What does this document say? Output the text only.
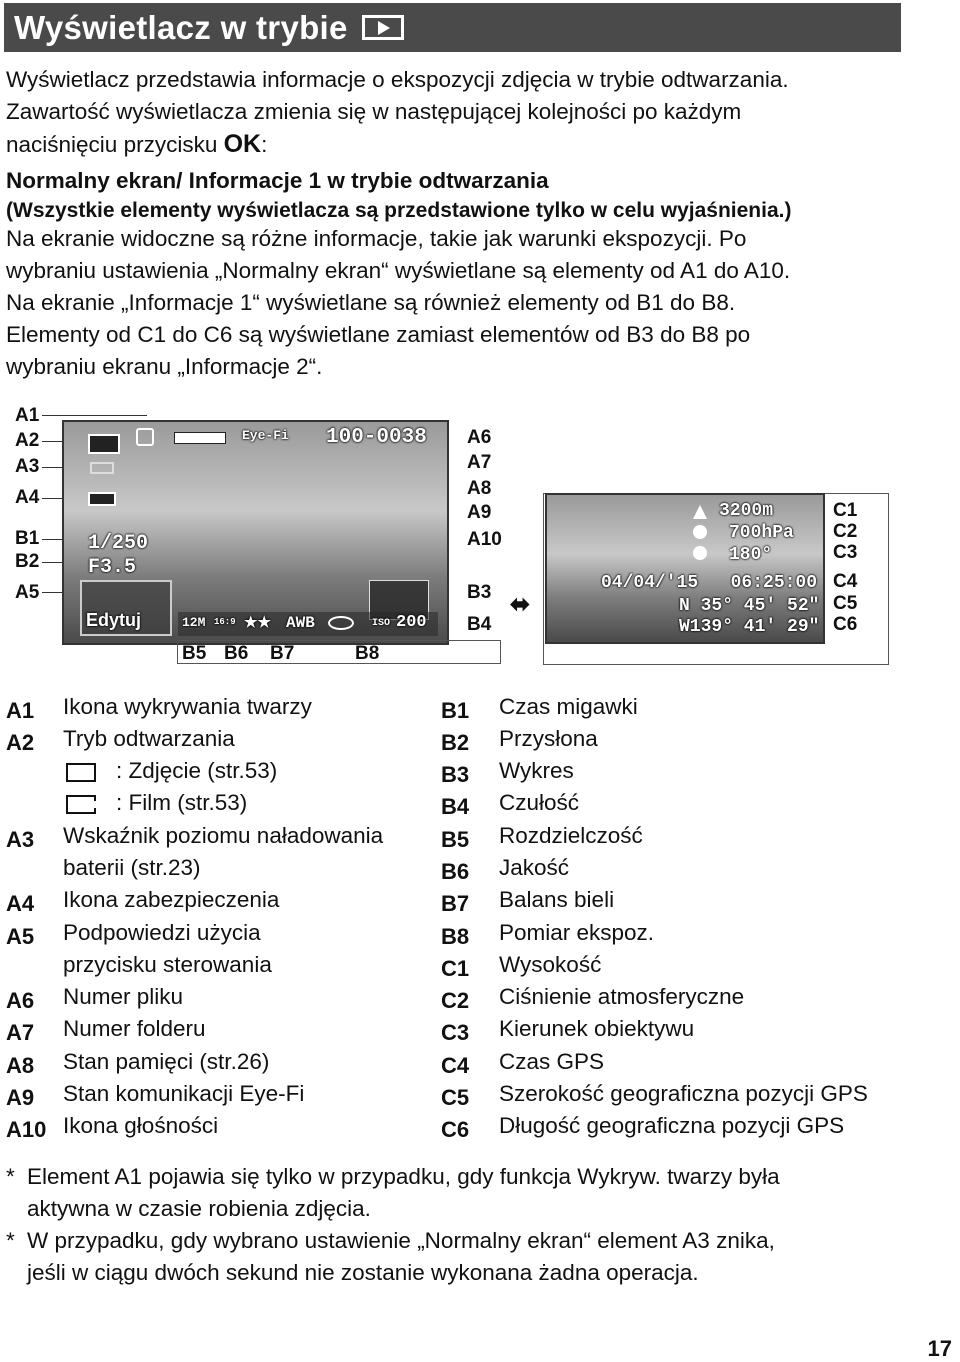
Wyświetlacz w trybie
Wyświetlacz przedstawia informacje o ekspozycji zdjęcia w trybie odtwarzania.
Zawartość wyświetlacza zmienia się w następującej kolejności po każdym
naciśnięciu przycisku OK:
Normalny ekran/ Informacje 1 w trybie odtwarzania
(Wszystkie elementy wyświetlacza są przedstawione tylko w celu wyjaśnienia.)
Na ekranie widoczne są różne informacje, takie jak warunki ekspozycji. Po
wybraniu ustawienia „Normalny ekran“ wyświetlane są elementy od A1 do A10.
Na ekranie „Informacje 1“ wyświetlane są również elementy od B1 do B8.
Elementy od C1 do C6 są wyświetlane zamiast elementów od B3 do B8 po
wybraniu ekranu „Informacje 2“.
A1
A2
A3
A4
B1
B2
A5
Eye-Fi 100-0038
1/250
F3.5
Edytuj	12M 16:9 ★★ AWB	ISO 200
A6
A7
A8
A9
A10
B3
B4
B5 B6 B7	B8
⬌
3200m
700hPa
180°
04/04/'15   06:25:00
N 35° 45' 52"
W139° 41' 29"
C1
C2
C3
C4
C5
C6
A1 Ikona wykrywania twarzy
A2 Tryb odtwarzania
: Zdjęcie (str.53)
: Film (str.53)
A3 Wskaźnik poziomu naładowania
baterii (str.23)
A4 Ikona zabezpieczenia
A5 Podpowiedzi użycia
przycisku sterowania
A6 Numer pliku
A7 Numer folderu
A8 Stan pamięci (str.26)
A9 Stan komunikacji Eye-Fi
A10 Ikona głośności
B1 Czas migawki
B2 Przysłona
B3 Wykres
B4 Czułość
B5 Rozdzielczość
B6 Jakość
B7 Balans bieli
B8 Pomiar ekspoz.
C1 Wysokość
C2 Ciśnienie atmosferyczne
C3 Kierunek obiektywu
C4 Czas GPS
C5 Szerokość geograficzna pozycji GPS
C6 Długość geograficzna pozycji GPS
* Element A1 pojawia się tylko w przypadku, gdy funkcja Wykryw. twarzy była
aktywna w czasie robienia zdjęcia.
* W przypadku, gdy wybrano ustawienie „Normalny ekran“ element A3 znika,
jeśli w ciągu dwóch sekund nie zostanie wykonana żadna operacja.
17
